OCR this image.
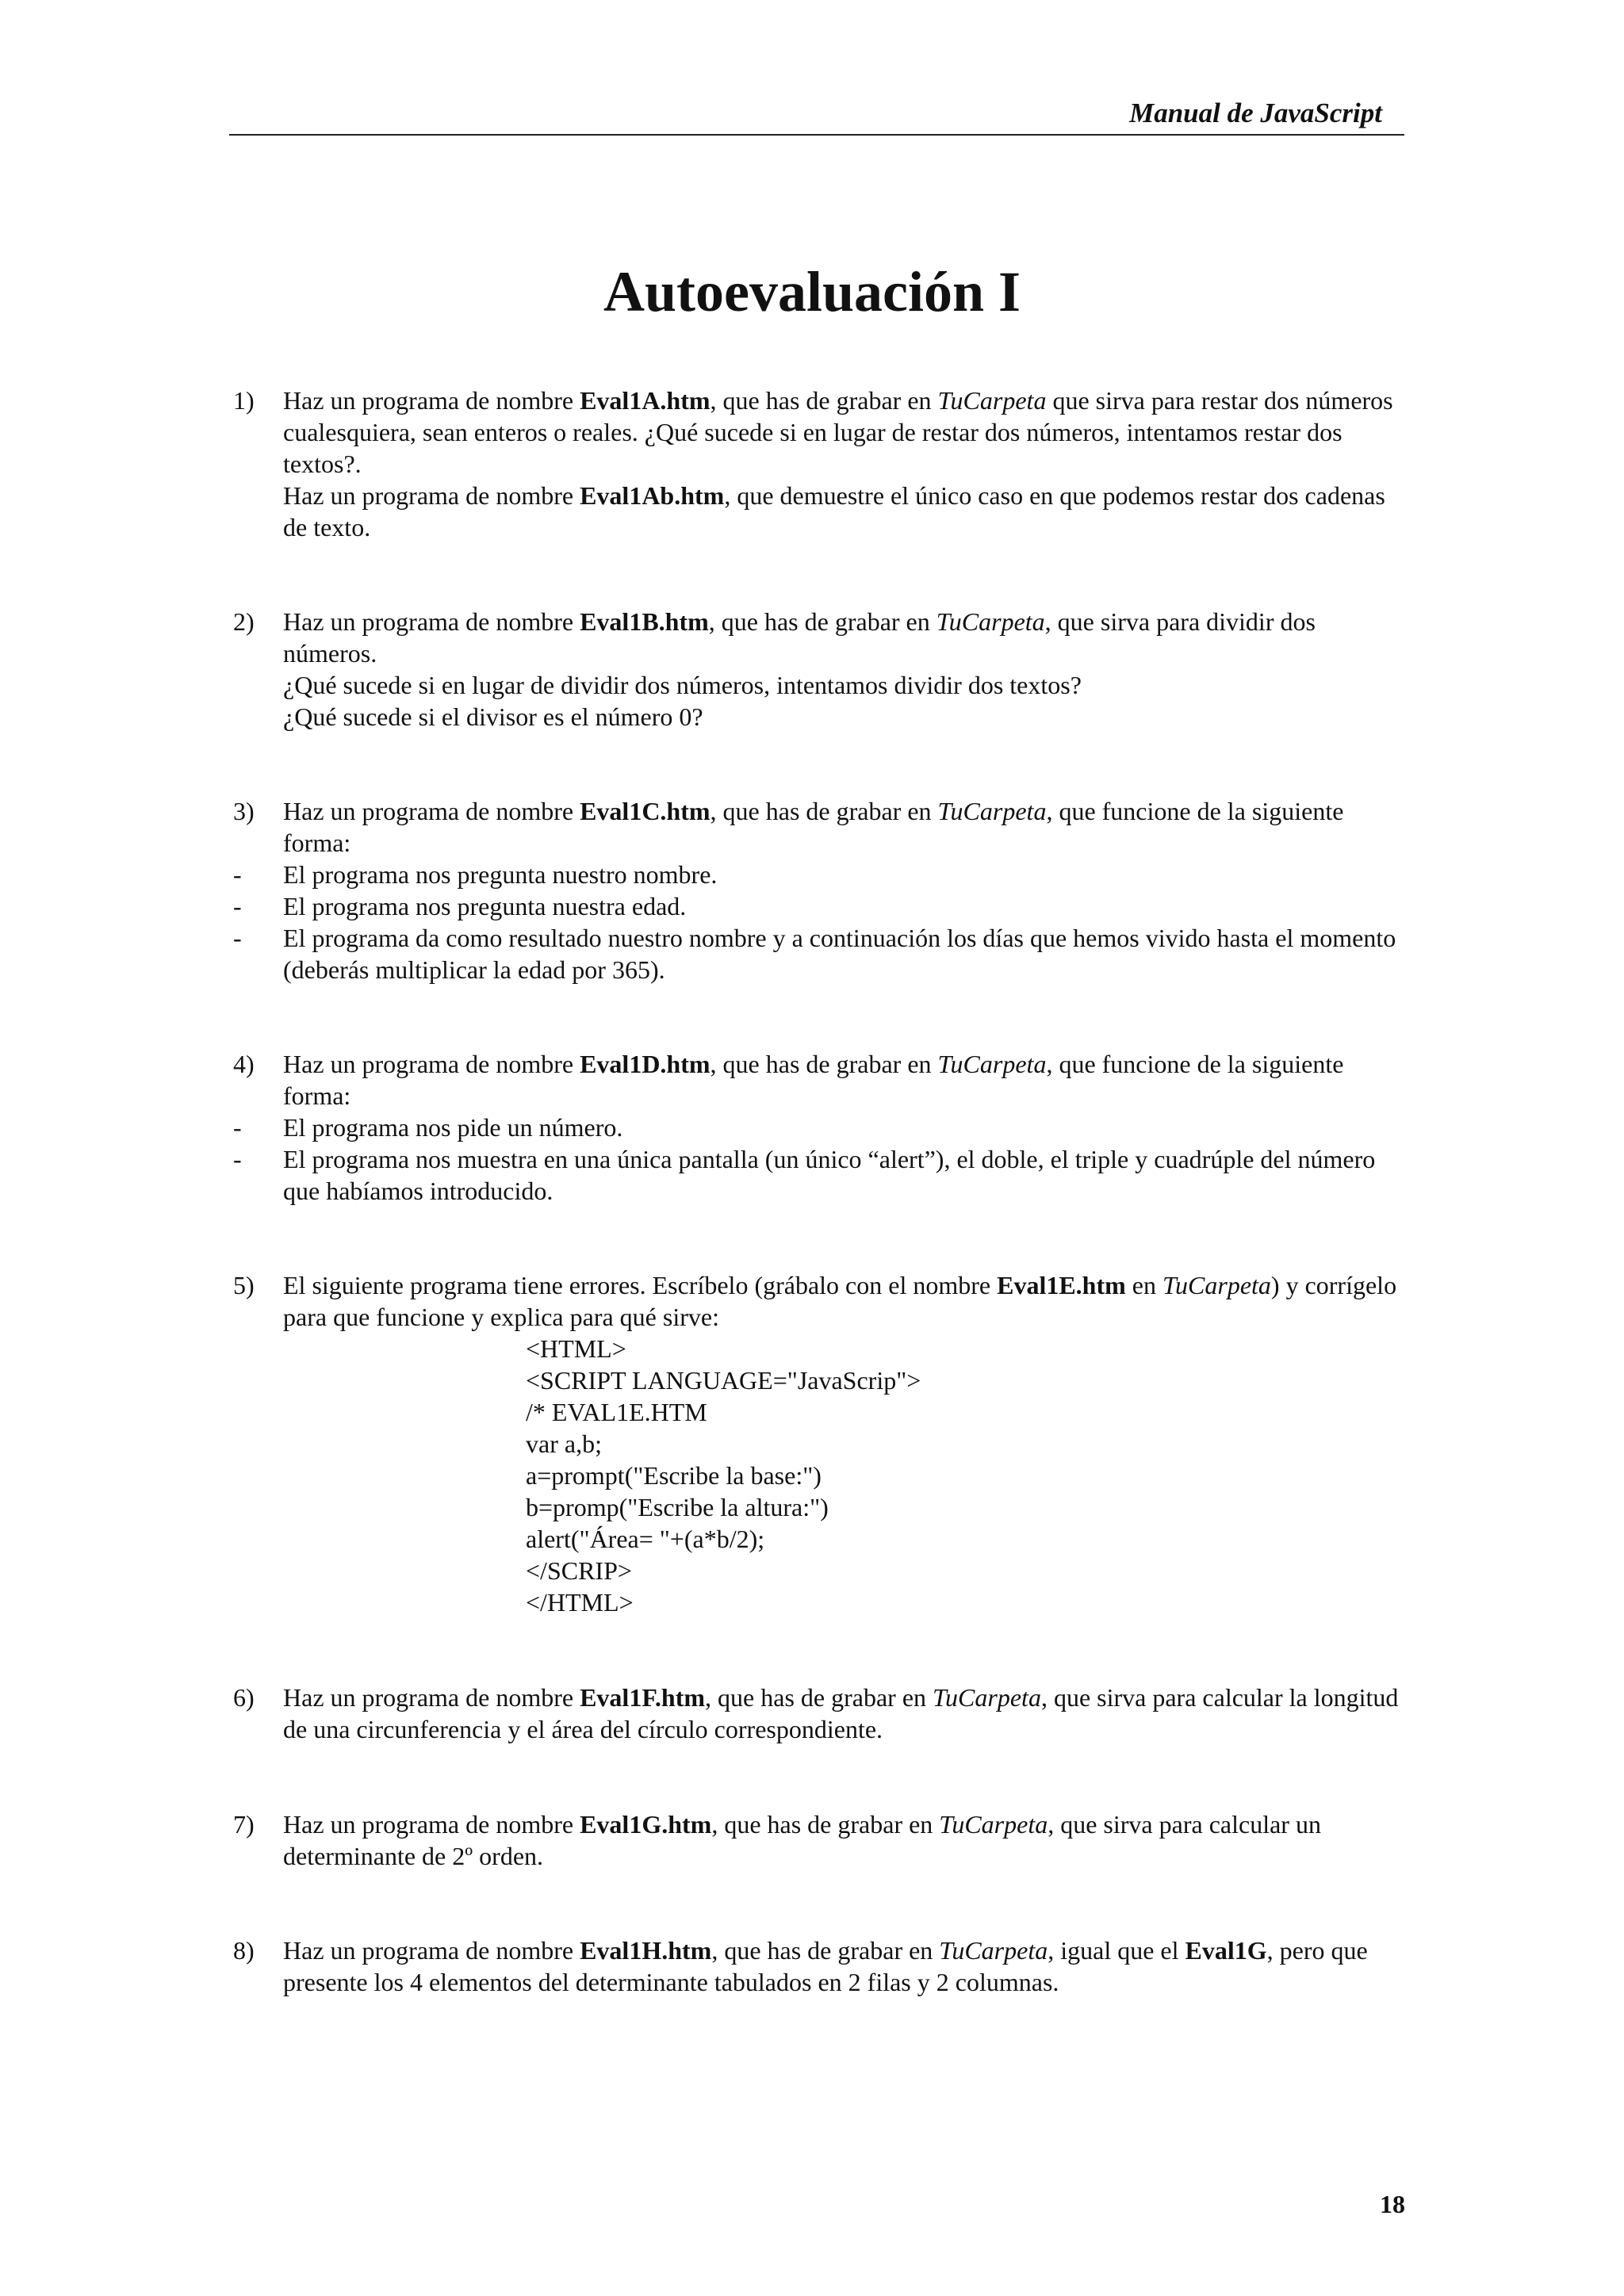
Manual de JavaScript
Autoevaluación I
1) Haz un programa de nombre Eval1A.htm, que has de grabar en TuCarpeta que sirva para restar dos números cualesquiera, sean enteros o reales. ¿Qué sucede si en lugar de restar dos números, intentamos restar dos textos?.
Haz un programa de nombre Eval1Ab.htm, que demuestre el único caso en que podemos restar dos cadenas de texto.
2) Haz un programa de nombre Eval1B.htm, que has de grabar en TuCarpeta, que sirva para dividir dos números.
¿Qué sucede si en lugar de dividir dos números, intentamos dividir dos textos?
¿Qué sucede si el divisor es el número 0?
3) Haz un programa de nombre Eval1C.htm, que has de grabar en TuCarpeta, que funcione de la siguiente forma:
- El programa nos pregunta nuestro nombre.
- El programa nos pregunta nuestra edad.
- El programa da como resultado nuestro nombre y a continuación los días que hemos vivido hasta el momento (deberás multiplicar la edad por 365).
4) Haz un programa de nombre Eval1D.htm, que has de grabar en TuCarpeta, que funcione de la siguiente forma:
- El programa nos pide un número.
- El programa nos muestra en una única pantalla (un único “alert”), el doble, el triple y cuadrúple del número que habíamos introducido.
5) El siguiente programa tiene errores. Escríbelo (grábalo con el nombre Eval1E.htm en TuCarpeta) y corrígelo para que funcione y explica para qué sirve:
<HTML>
<SCRIPT LANGUAGE="JavaScrip">
/* EVAL1E.HTM
var a,b;
a=prompt("Escribe la base:")
b=promp("Escribe la altura:")
alert("Área= "+(a*b/2);
</SCRIP>
</HTML>
6) Haz un programa de nombre Eval1F.htm, que has de grabar en TuCarpeta, que sirva para calcular la longitud de una circunferencia y el área del círculo correspondiente.
7) Haz un programa de nombre Eval1G.htm, que has de grabar en TuCarpeta, que sirva para calcular un determinante de 2º orden.
8) Haz un programa de nombre Eval1H.htm, que has de grabar en TuCarpeta, igual que el Eval1G, pero que presente los 4 elementos del determinante tabulados en 2 filas y 2 columnas.
18
